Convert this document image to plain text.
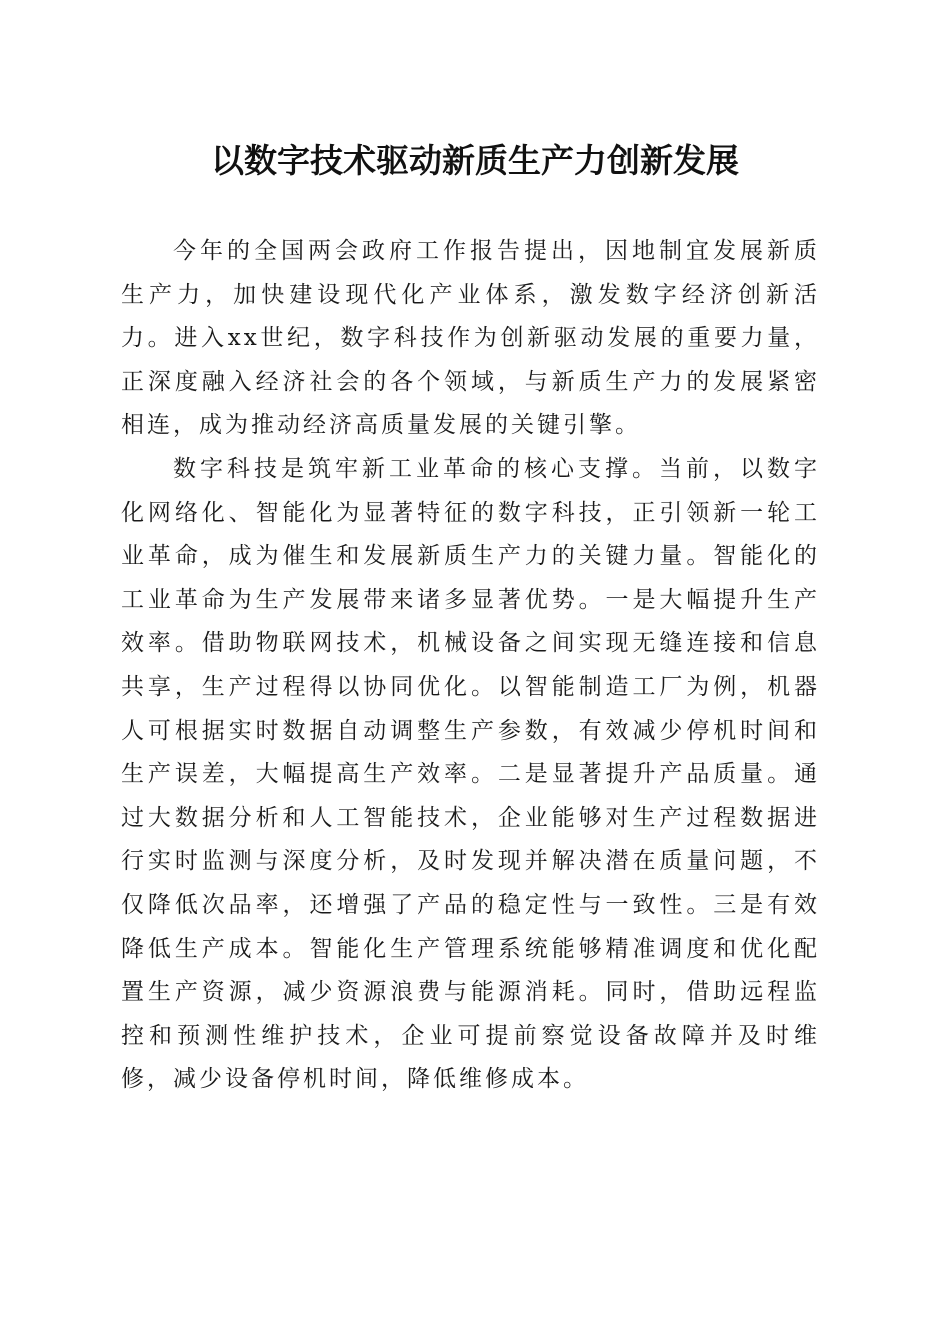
以数字技术驱动新质生产力创新发展

今年的全国两会政府工作报告提出，因地制宜发展新质生产力，加快建设现代化产业体系，激发数字经济创新活力。进入xx世纪，数字科技作为创新驱动发展的重要力量，正深度融入经济社会的各个领域，与新质生产力的发展紧密相连，成为推动经济高质量发展的关键引擎。

数字科技是筑牢新工业革命的核心支撑。当前，以数字化网络化、智能化为显著特征的数字科技，正引领新一轮工业革命，成为催生和发展新质生产力的关键力量。智能化的工业革命为生产发展带来诸多显著优势。一是大幅提升生产效率。借助物联网技术，机械设备之间实现无缝连接和信息共享，生产过程得以协同优化。以智能制造工厂为例，机器人可根据实时数据自动调整生产参数，有效减少停机时间和生产误差，大幅提高生产效率。二是显著提升产品质量。通过大数据分析和人工智能技术，企业能够对生产过程数据进行实时监测与深度分析，及时发现并解决潜在质量问题，不仅降低次品率，还增强了产品的稳定性与一致性。三是有效降低生产成本。智能化生产管理系统能够精准调度和优化配置生产资源，减少资源浪费与能源消耗。同时，借助远程监控和预测性维护技术，企业可提前察觉设备故障并及时维修，减少设备停机时间，降低维修成本。
